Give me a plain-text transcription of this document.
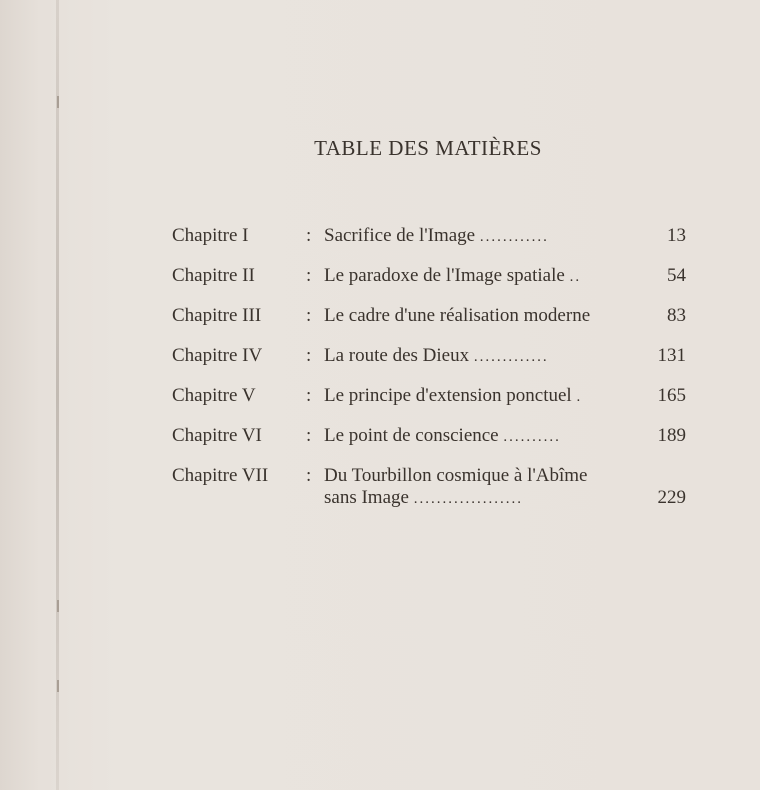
TABLE DES MATIÈRES
Chapitre I	: Sacrifice de l'Image ............	13
Chapitre II	: Le paradoxe de l'Image spatiale ..	54
Chapitre III : Le cadre d'une réalisation moderne	83
Chapitre IV : La route des Dieux .............	131
Chapitre V	: Le principe d'extension ponctuel .	165
Chapitre VI : Le point de conscience ..........	189
Chapitre VII : Du Tourbillon cosmique à l'Abîme
sans Image ...................	229
